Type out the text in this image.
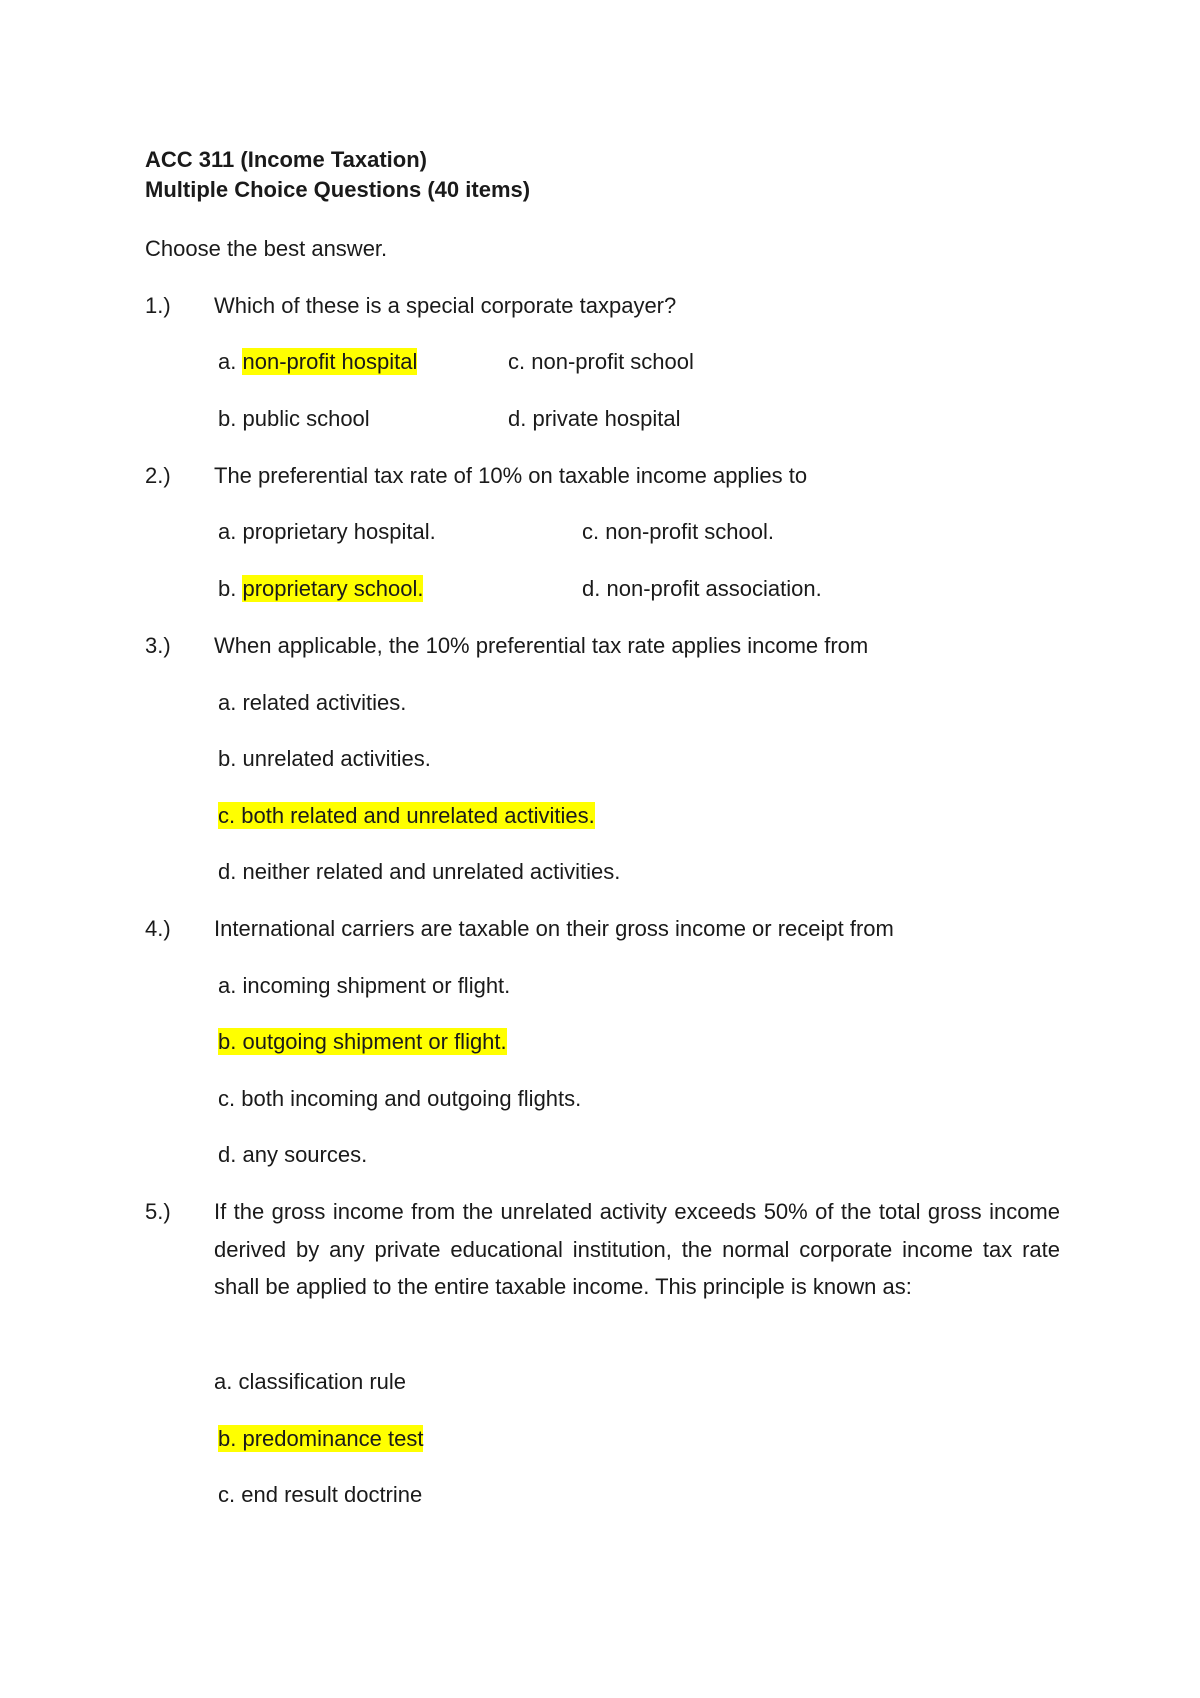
ACC 311 (Income Taxation)
Multiple Choice Questions (40 items)
Choose the best answer.
1.) Which of these is a special corporate taxpayer?
a. non-profit hospital	c. non-profit school
b. public school	d. private hospital
2.) The preferential tax rate of 10% on taxable income applies to
a. proprietary hospital.	c. non-profit school.
b. proprietary school.	d. non-profit association.
3.) When applicable, the 10% preferential tax rate applies income from
a. related activities.
b. unrelated activities.
c. both related and unrelated activities.
d. neither related and unrelated activities.
4.) International carriers are taxable on their gross income or receipt from
a. incoming shipment or flight.
b. outgoing shipment or flight.
c. both incoming and outgoing flights.
d. any sources.
5.) If the gross income from the unrelated activity exceeds 50% of the total gross income derived by any private educational institution, the normal corporate income tax rate shall be applied to the entire taxable income. This principle is known as:
a. classification rule
b. predominance test
c. end result doctrine
